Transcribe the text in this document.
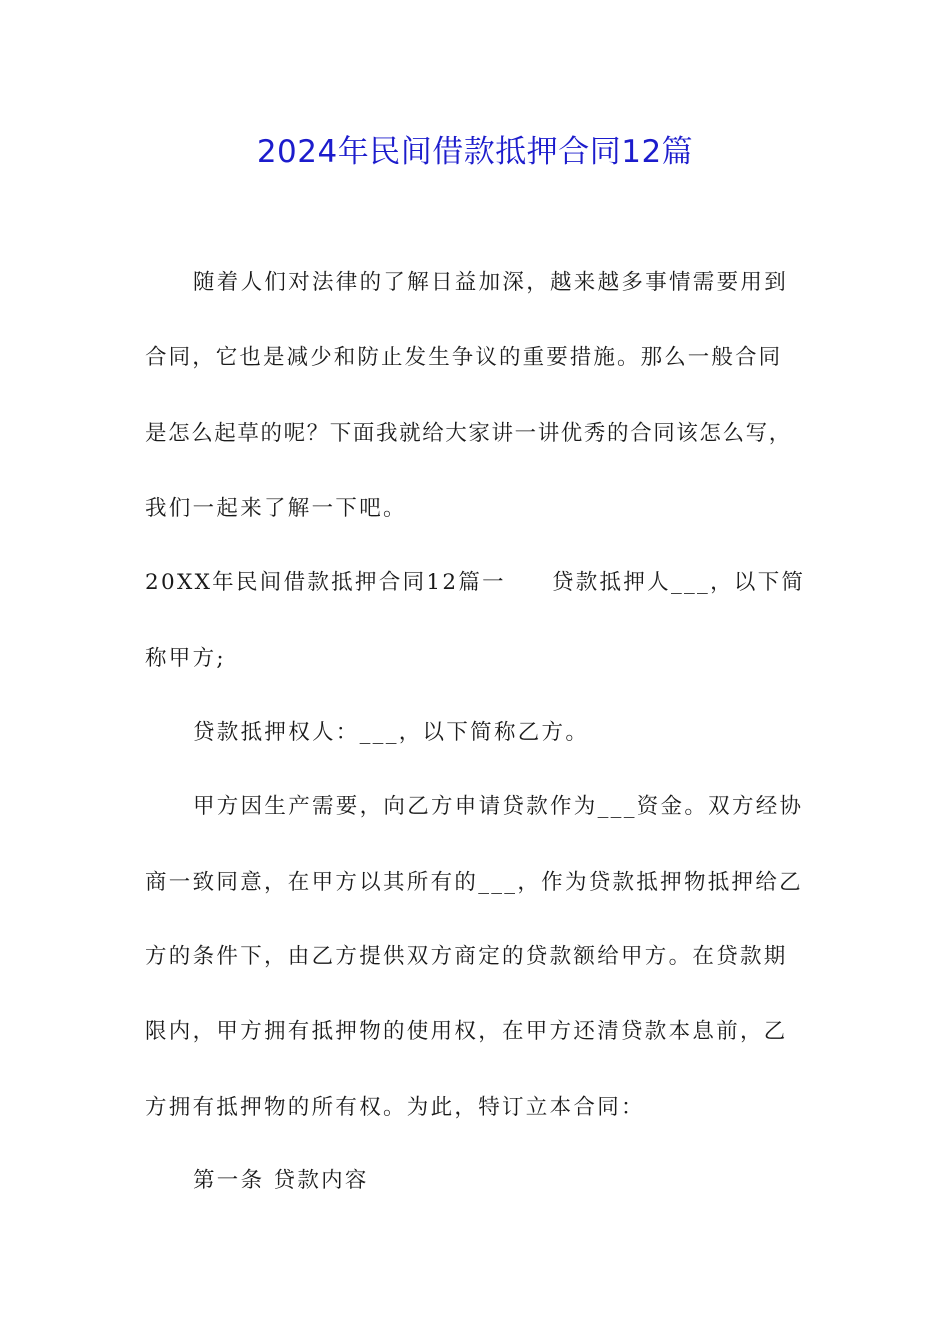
2024年民间借款抵押合同12篇
随着人们对法律的了解日益加深，越来越多事情需要用到
合同，它也是减少和防止发生争议的重要措施。那么一般合同
是怎么起草的呢？下面我就给大家讲一讲优秀的合同该怎么写，
我们一起来了解一下吧。
20XX年民间借款抵押合同12篇一 贷款抵押人___，以下简
称甲方;
贷款抵押权人：___，以下简称乙方。
甲方因生产需要，向乙方申请贷款作为___资金。双方经协
商一致同意，在甲方以其所有的___，作为贷款抵押物抵押给乙
方的条件下，由乙方提供双方商定的贷款额给甲方。在贷款期
限内，甲方拥有抵押物的使用权，在甲方还清贷款本息前，乙
方拥有抵押物的所有权。为此，特订立本合同：
第一条 贷款内容
